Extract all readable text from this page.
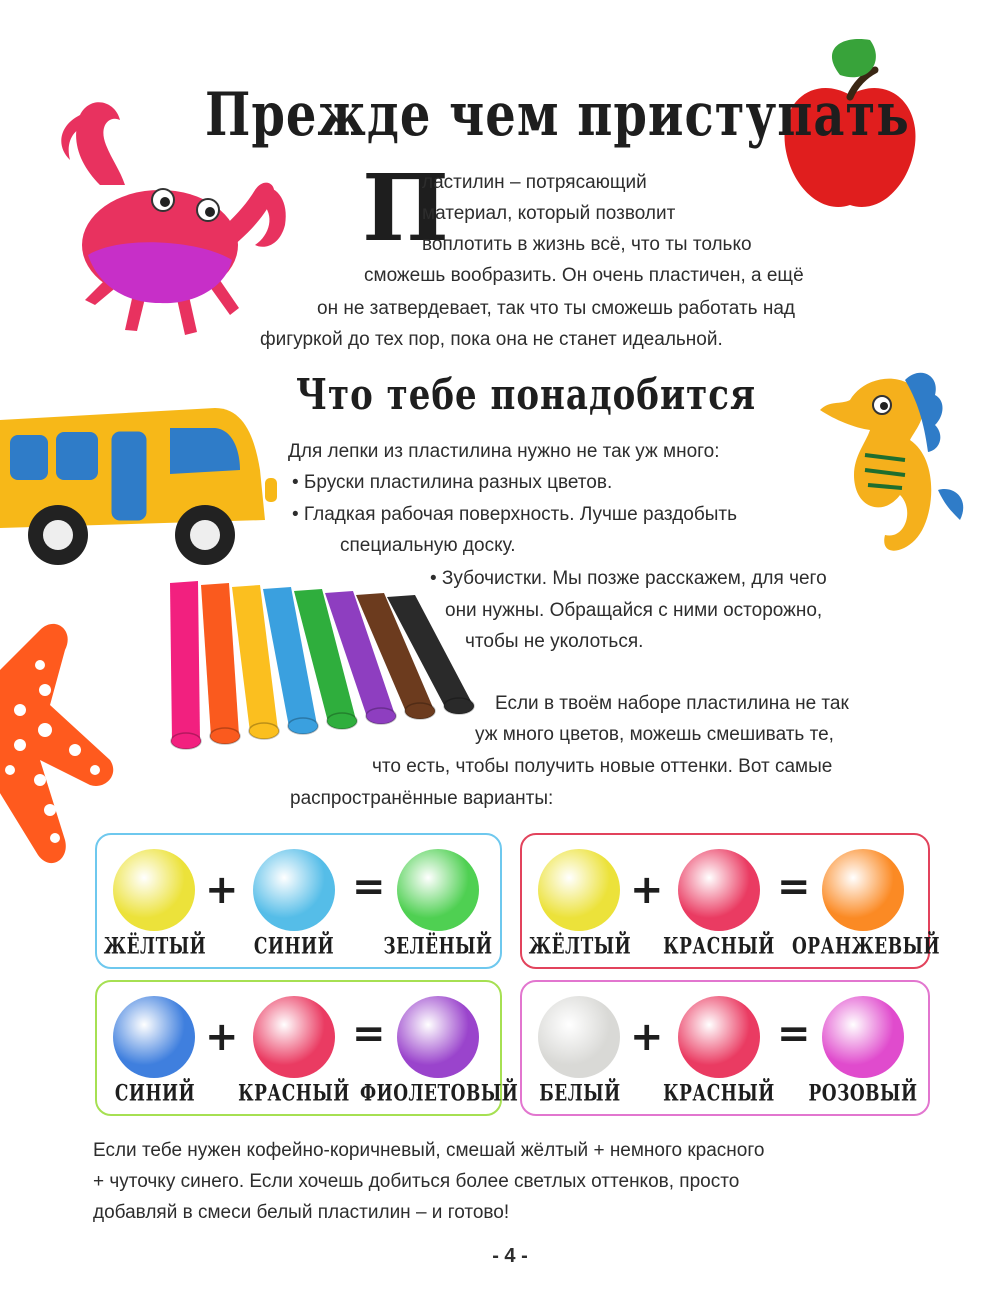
Прежде чем приступать
П
ластилин – потрясающий
материал, который позволит
воплотить в жизнь всё, что ты только
сможешь вообразить. Он очень пластичен, а ещё
он не затвердевает, так что ты сможешь работать над
фигуркой до тех пор, пока она не станет идеальной.
Что тебе понадобится
Для лепки из пластилина нужно не так уж много:
• Бруски пластилина разных цветов.
• Гладкая рабочая поверхность. Лучше раздобыть
специальную доску.
• Зубочистки. Мы позже расскажем, для чего
они нужны. Обращайся с ними осторожно,
чтобы не уколоться.
Если в твоём наборе пластилина не так
уж много цветов, можешь смешивать те,
что есть, чтобы получить новые оттенки. Вот самые
распространённые варианты:
+	=
ЖЁЛТЫЙ	СИНИЙ	ЗЕЛЁНЫЙ
+	=
ЖЁЛТЫЙ	КРАСНЫЙ	ОРАНЖЕВЫЙ
+	=
СИНИЙ	КРАСНЫЙ ФИОЛЕТОВЫЙ
+	=
БЕЛЫЙ	КРАСНЫЙ	РОЗОВЫЙ
Если тебе нужен кофейно-коричневый, смешай жёлтый + немного красного
+ чуточку синего. Если хочешь добиться более светлых оттенков, просто
добавляй в смеси белый пластилин – и готово!
- 4 -
